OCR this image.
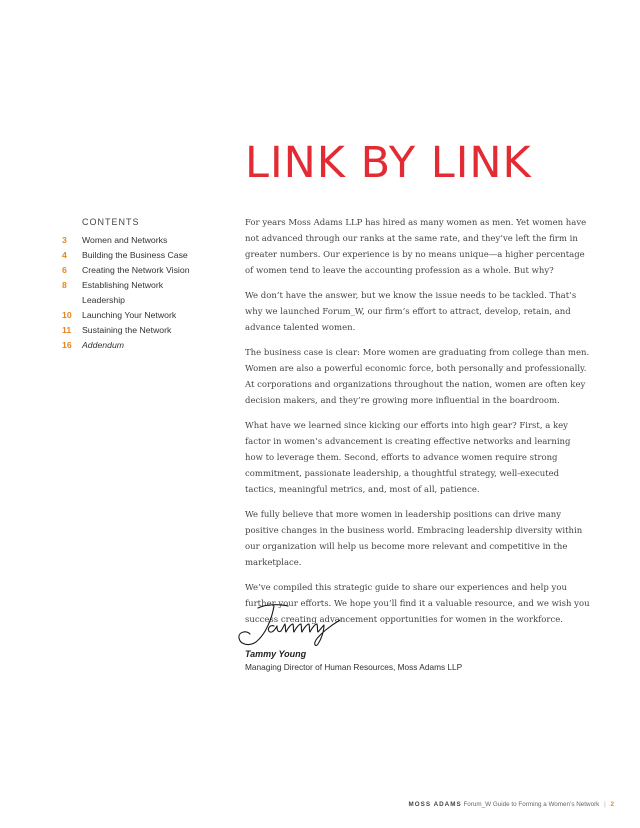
LINK BY LINK
CONTENTS
3	Women and Networks
4	Building the Business Case
6	Creating the Network Vision
8	Establishing Network
Leadership
10	Launching Your Network
11	Sustaining the Network
16	Addendum

For years Moss Adams LLP has hired as many women as men. Yet women have not advanced through our ranks at the same rate, and they’ve left the firm in greater numbers. Our experience is by no means unique—a higher percentage of women tend to leave the accounting profession as a whole. But why?

We don’t have the answer, but we know the issue needs to be tackled. That’s why we launched Forum_W, our firm’s effort to attract, develop, retain, and advance talented women.

The business case is clear: More women are graduating from college than men. Women are also a powerful economic force, both personally and professionally. At corporations and organizations throughout the nation, women are often key decision makers, and they’re growing more influential in the boardroom.

What have we learned since kicking our efforts into high gear? First, a key factor in women’s advancement is creating effective networks and learning how to leverage them. Second, efforts to advance women require strong commitment, passionate leadership, a thoughtful strategy, well-executed tactics, meaningful metrics, and, most of all, patience.

We fully believe that more women in leadership positions can drive many positive changes in the business world. Embracing leadership diversity within our organization will help us become more relevant and competitive in the marketplace.

We’ve compiled this strategic guide to share our experiences and help you further your efforts. We hope you’ll find it a valuable resource, and we wish you success creating advancement opportunities for women in the workforce.

Tammy Young
Managing Director of Human Resources, Moss Adams LLP
MOSS ADAMS Forum_W Guide to Forming a Women’s Network | 2
